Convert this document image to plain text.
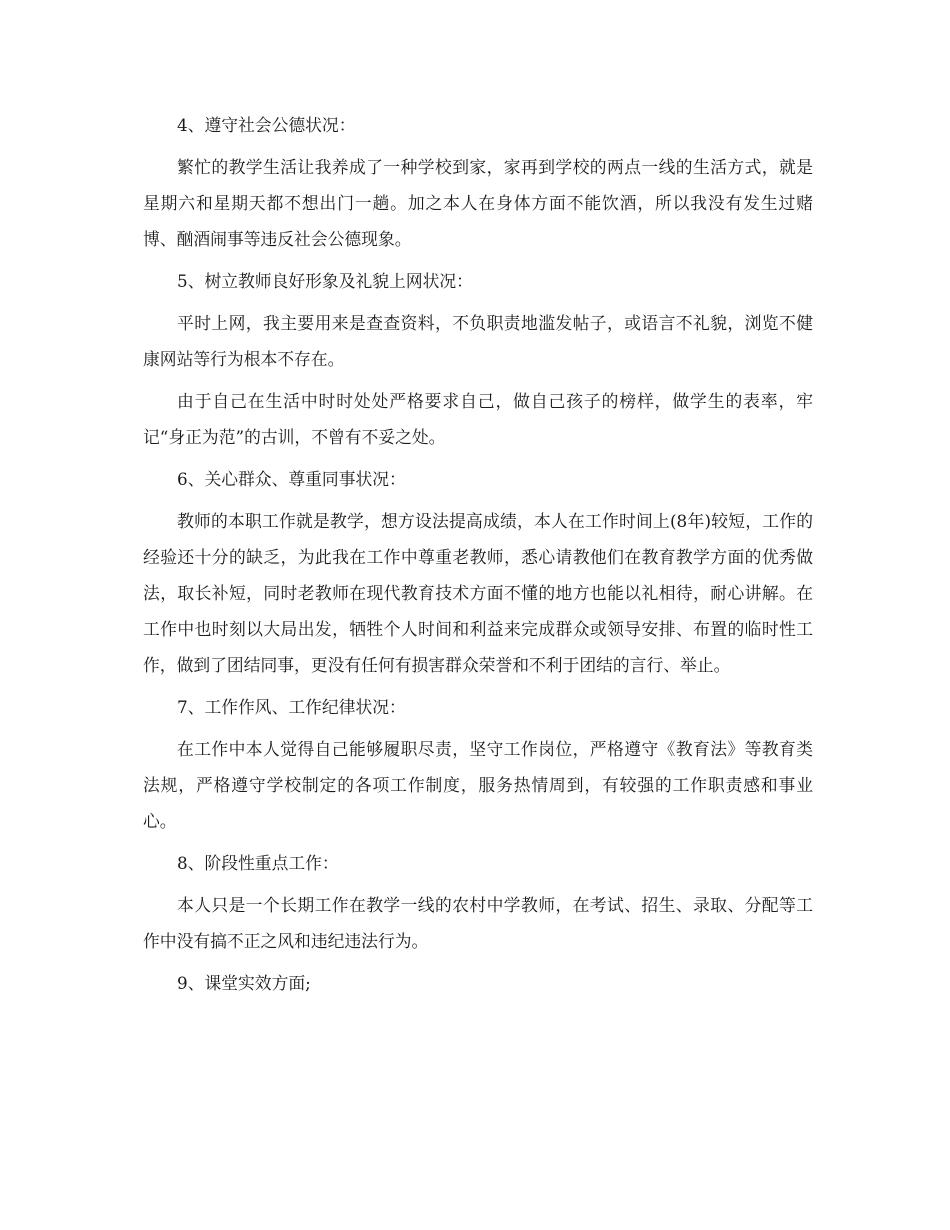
4、遵守社会公德状况：

繁忙的教学生活让我养成了一种学校到家，家再到学校的两点一线的生活方式，就是星期六和星期天都不想出门一趟。加之本人在身体方面不能饮酒，所以我没有发生过赌博、酗酒闹事等违反社会公德现象。

5、树立教师良好形象及礼貌上网状况：

平时上网，我主要用来是查查资料，不负职责地滥发帖子，或语言不礼貌，浏览不健康网站等行为根本不存在。

由于自己在生活中时时处处严格要求自己，做自己孩子的榜样，做学生的表率，牢记“身正为范”的古训，不曾有不妥之处。

6、关心群众、尊重同事状况：

教师的本职工作就是教学，想方设法提高成绩，本人在工作时间上(8年)较短，工作的经验还十分的缺乏，为此我在工作中尊重老教师，悉心请教他们在教育教学方面的优秀做法，取长补短，同时老教师在现代教育技术方面不懂的地方也能以礼相待，耐心讲解。在工作中也时刻以大局出发，牺牲个人时间和利益来完成群众或领导安排、布置的临时性工作，做到了团结同事，更没有任何有损害群众荣誉和不利于团结的言行、举止。

7、工作作风、工作纪律状况：

在工作中本人觉得自己能够履职尽责，坚守工作岗位，严格遵守《教育法》等教育类法规，严格遵守学校制定的各项工作制度，服务热情周到，有较强的工作职责感和事业心。

8、阶段性重点工作：

本人只是一个长期工作在教学一线的农村中学教师，在考试、招生、录取、分配等工作中没有搞不正之风和违纪违法行为。

9、课堂实效方面;
